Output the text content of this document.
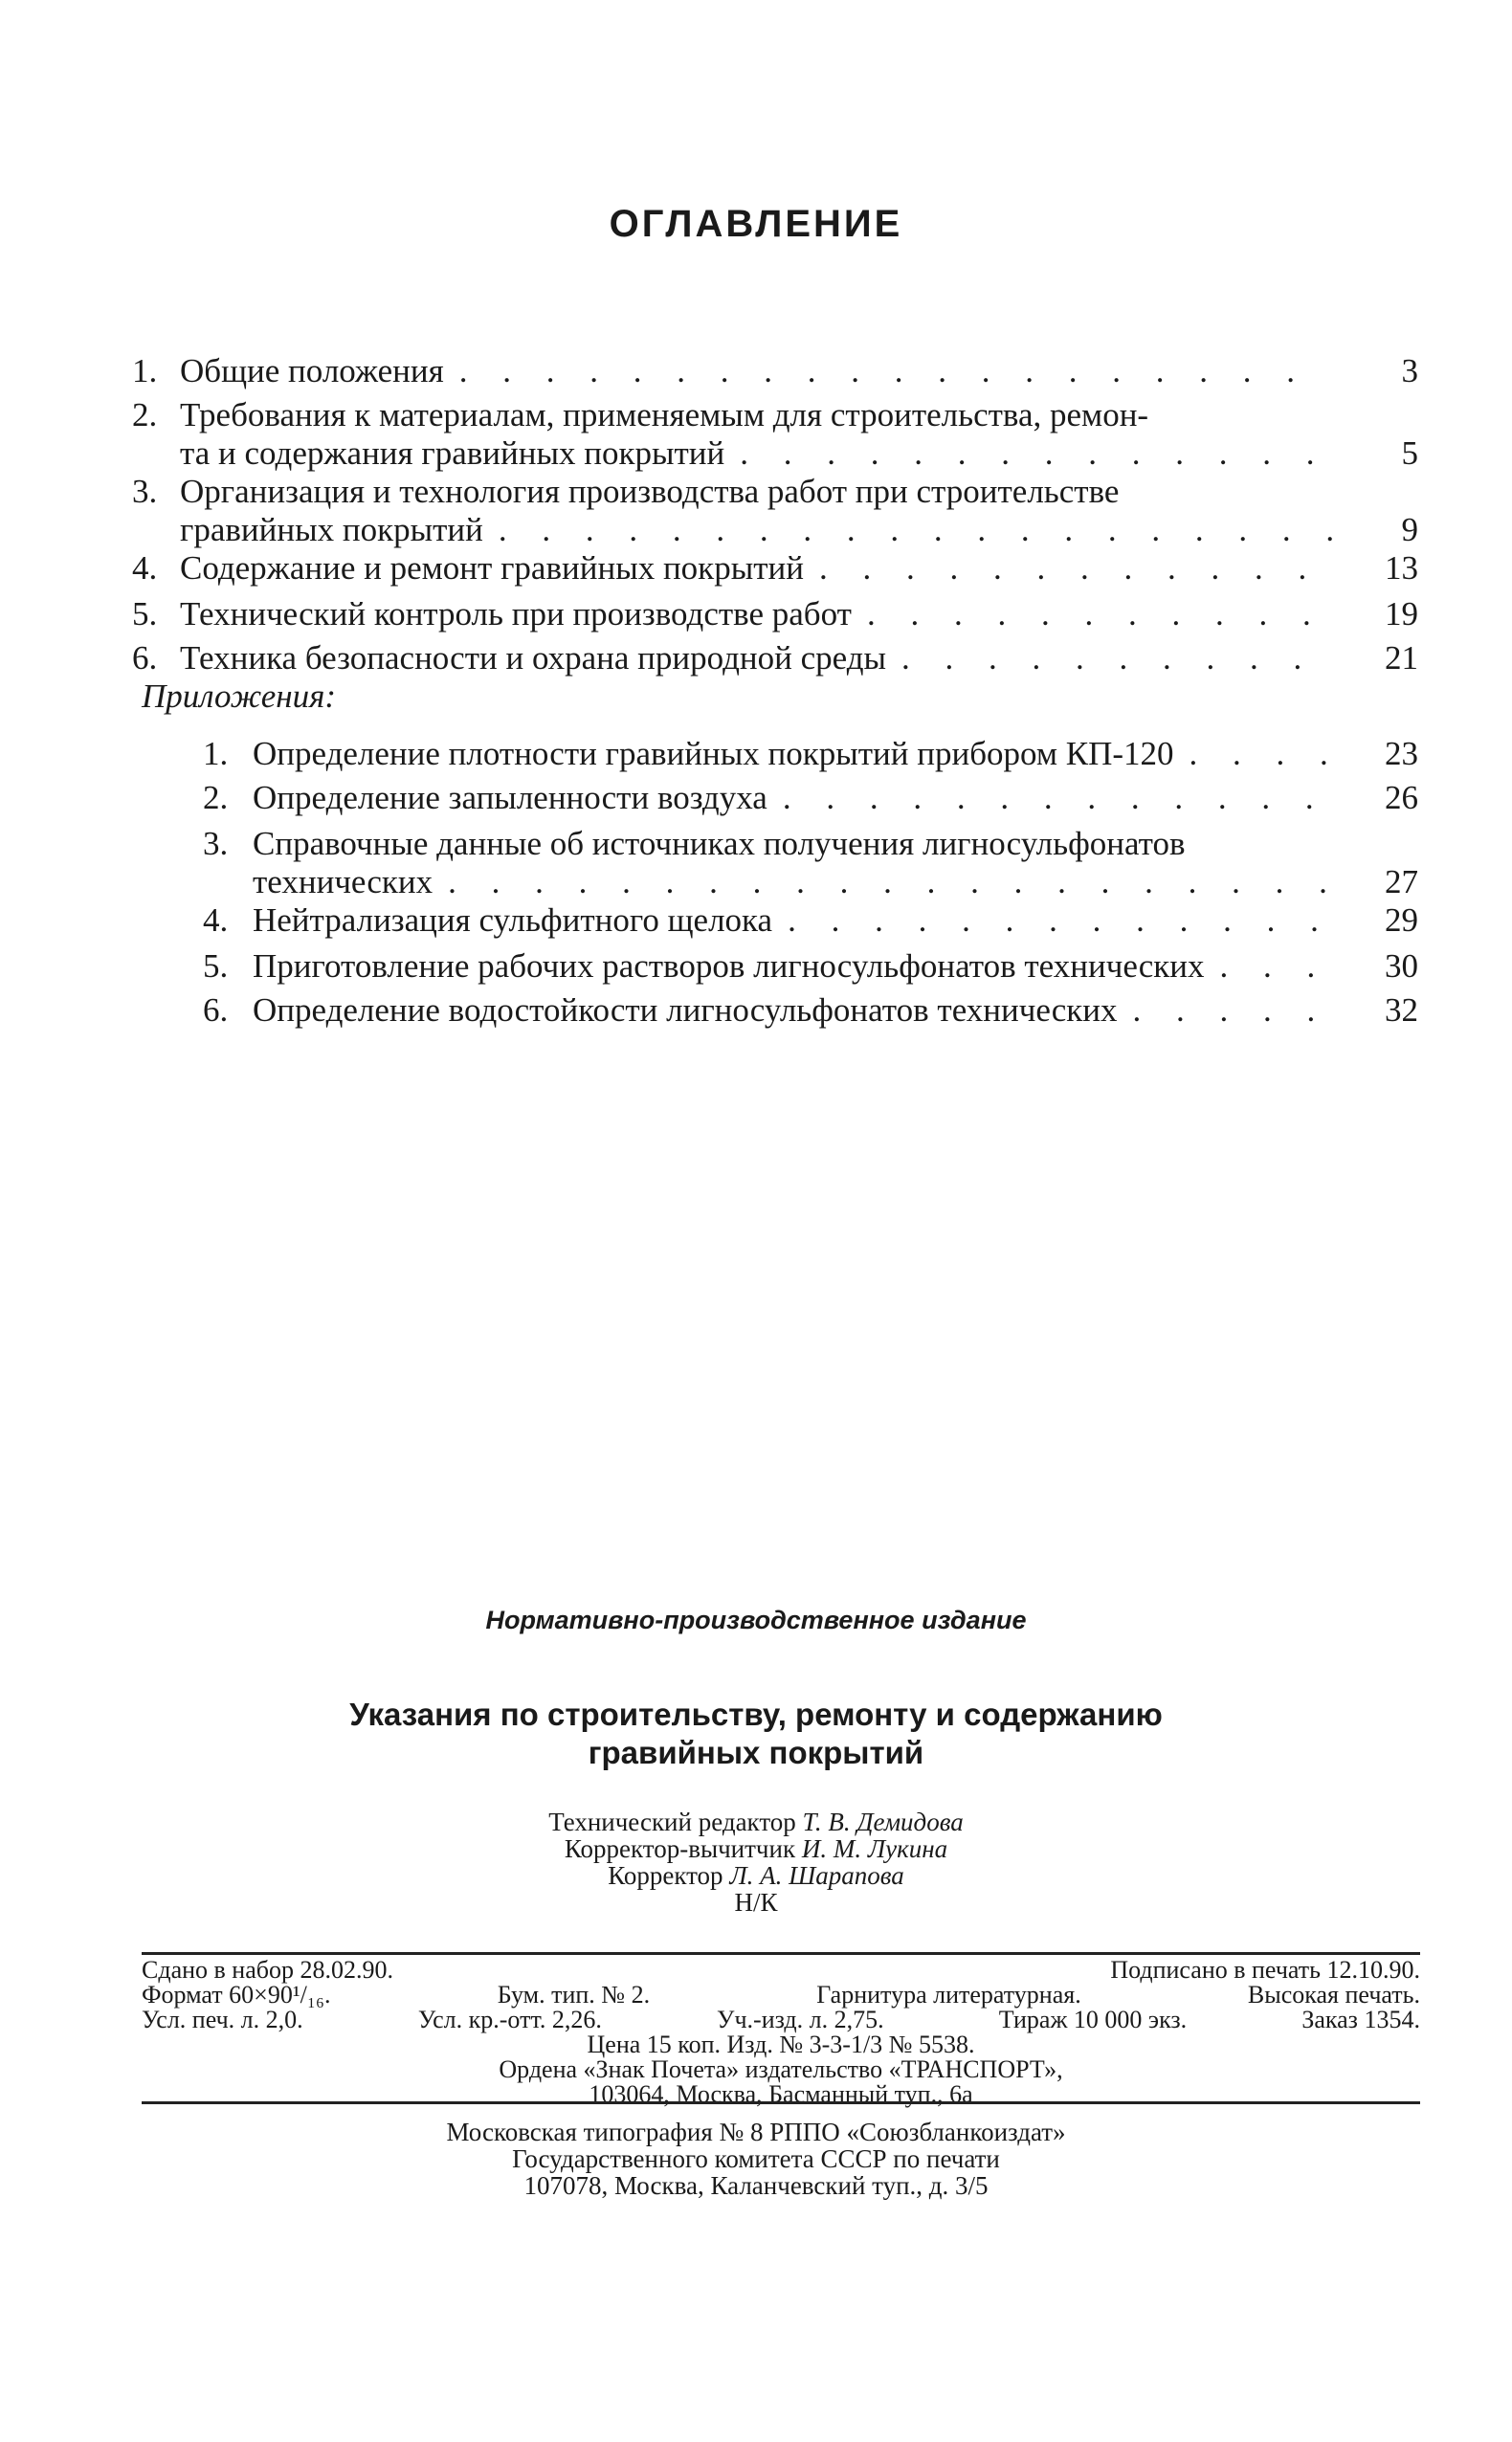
ОГЛАВЛЕНИЕ
1. Общие положения . . .	3
2. Требования к материалам, применяемым для строительства, ремон-
та и содержания гравийных покрытий . . .	5
3. Организация и технология производства работ при строительстве
гравийных покрытий . . .	9
4. Содержание и ремонт гравийных покрытий . . .	13
5. Технический контроль при производстве работ . . .	19
6. Техника безопасности и охрана природной среды . . .	21
1. Определение плотности гравийных покрытий прибором КП-120 . . .	23
2. Определение запыленности воздуха . . .	26
3. Справочные данные об источниках получения лигносульфонатов
технических . . .	27
4. Нейтрализация сульфитного щелока . . .	29
5. Приготовление рабочих растворов лигносульфонатов технических . . .	30
6. Определение водостойкости лигносульфонатов технических . . .	32
Приложения:
Нормативно-производственное издание
Указания по строительству, ремонту и содержанию
гравийных покрытий
Технический редактор Т. В. Демидова
Корректор-вычитчик И. М. Лукина
Корректор Л. А. Шарапова
Н/К
Сдано в набор 28.02.90.	Подписано в печать 12.10.90.
Формат 60×90¹/₁₆.	Бум. тип. № 2.	Гарнитура литературная.	Высокая печать.
Усл. печ. л. 2,0.	Усл. кр.-отт. 2,26.	Уч.-изд. л. 2,75.	Тираж 10 000 экз.	Заказ 1354.
Цена 15 коп. Изд. № 3-3-1/3 № 5538.
Ордена «Знак Почета» издательство «ТРАНСПОРТ»,
103064, Москва, Басманный туп., 6а
Московская типография № 8 РППО «Союзбланкоиздат»
Государственного комитета СССР по печати
107078, Москва, Каланчевский туп., д. 3/5
